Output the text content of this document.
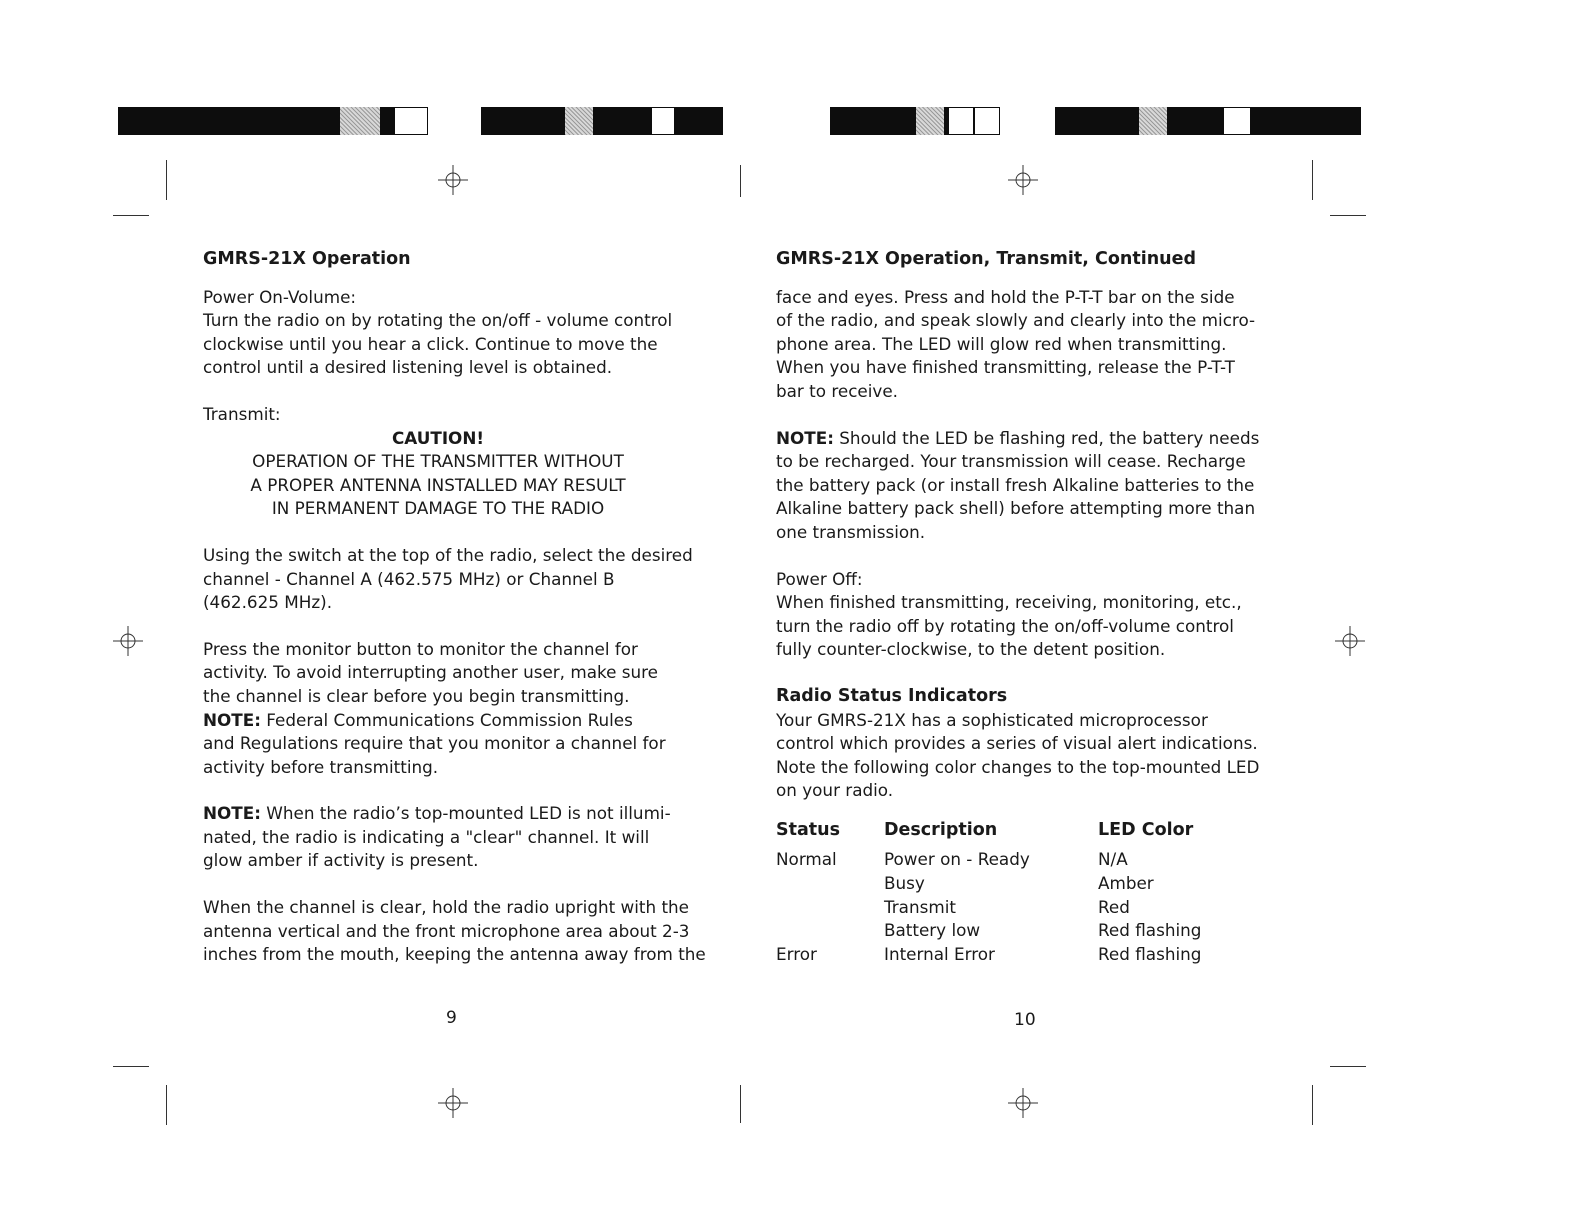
GMRS-21X Operation

Power On-Volume:

Turn the radio on by rotating the on/off - volume control

clockwise until you hear a click. Continue to move the

control until a desired listening level is obtained.

Transmit:

CAUTION!

OPERATION OF THE TRANSMITTER WITHOUT

A PROPER ANTENNA INSTALLED MAY RESULT

IN PERMANENT DAMAGE TO THE RADIO

Using the switch at the top of the radio, select the desired

channel - Channel A (462.575 MHz) or Channel B

(462.625 MHz).

Press the monitor button to monitor the channel for

activity. To avoid interrupting another user, make sure

the channel is clear before you begin transmitting.

NOTE: Federal Communications Commission Rules

and Regulations require that you monitor a channel for

activity before transmitting.

NOTE: When the radio’s top-mounted LED is not illumi-

nated, the radio is indicating a "clear" channel. It will

glow amber if activity is present.

When the channel is clear, hold the radio upright with the

antenna vertical and the front microphone area about 2-3

inches from the mouth, keeping the antenna away from the

9

GMRS-21X Operation, Transmit, Continued

face and eyes. Press and hold the P-T-T bar on the side

of the radio, and speak slowly and clearly into the micro-

phone area. The LED will glow red when transmitting.

When you have finished transmitting, release the P-T-T

bar to receive.

NOTE: Should the LED be flashing red, the battery needs

to be recharged. Your transmission will cease. Recharge

the battery pack (or install fresh Alkaline batteries to the

Alkaline battery pack shell) before attempting more than

one transmission.

Power Off:

When finished transmitting, receiving, monitoring, etc.,

turn the radio off by rotating the on/off-volume control

fully counter-clockwise, to the detent position.

Radio Status Indicators

Your GMRS-21X has a sophisticated microprocessor

control which provides a series of visual alert indications.

Note the following color changes to the top-mounted LED

on your radio.

Status	Description	LED Color
Normal	Power on - Ready	N/A
	Busy	Amber
	Transmit	Red
	Battery low	Red flashing
Error	Internal Error	Red flashing
10
